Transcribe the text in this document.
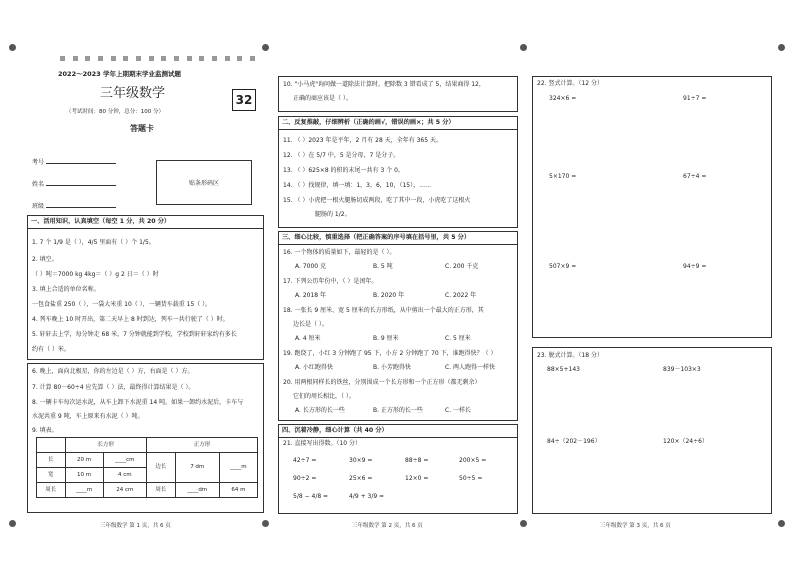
2022～2023 学年上期期末学业监测试题
三年级数学	32
（考试时间：80 分钟，总分：100 分）
答题卡
考号
姓名
班级
贴条形码区
一、活用知识，认真填空（每空 1 分，共 20 分）
1. 7 个 1/9 是（ ），4/5 里面有（ ）个 1/5。
2. 填空。
（ ）吨＝7000 kg 4kg＝（ ）g 2 日＝（ ）时
3. 填上合适的单位名称。
一包食盐重 250（ ），一袋大米重 10（ ），一辆货车载重 15（ ）。
4. 列车晚上 10 时开出，第二天早上 8 时到达，列车一共行驶了（ ）时。
5. 轩轩去上学，每分钟走 68 米，7 分钟就能到学校，学校到轩轩家约有多长
约有（ ）米。
6. 晚上，面向北极星，你的左边是（ ）方，右面是（ ）方。
7. 计算 80－60÷4 应先算（ ）法，最终得计算结果是（ ）。
8. 一辆卡车每次运水泥，从车上卸下水泥重 14 吨。如果一卸约水泥后，卡车与
水泥共重 9 吨，车上原来有水泥（ ）吨。
9. 填表。
	长方形		正方形		
长	20 m	____cm	边长	7 dm	____m
宽	10 m	4 cm			
周长	____m	24 cm	周长	____dm	64 m
三年级数学 第 1 页，共 6 页
10. "小马虎"询问做一道除法计算时，把除数 3 错看成了 5，结果商得 12，
正确的商应该是（ ）。
二、反复推敲，仔细辨析（正确的画√，错误的画×；共 5 分）
11. （ ）2023 年是平年，2 月有 28 天，全年有 365 天。
12. （ ）在 5/7 中，5 是分母，7 是分子。
13. （ ）625×8 的积的末尾一共有 3 个 0。
14. （ ）找规律，填一填：1，3，6，10，（15），……
15. （ ）小虎把一根火腿肠切成两段，吃了其中一段，小虎吃了这根火
腿肠的 1/2。
三、细心比较，慎重选择（把正确答案的序号填在括号里，共 5 分）
16. 一个物体的质量如下，最轻的是（ ）。
A. 7000 克	B. 5 吨	C. 200 千克
17. 下列公历年份中，（ ）是闰年。
A. 2018 年	B. 2020 年	C. 2022 年
18. 一张长 9 厘米、宽 5 厘米的长方形纸，从中剪出一个最大的正方形，其
边长是（ ）。
A. 4 厘米	B. 9 厘米	C. 5 厘米
19. 跑绕了，小红 3 分钟跑了 95 下，小方 2 分钟跑了 70 下，谁跑得快？（ ）
A. 小红跑得快	B. 小芳跑得快	C. 两人跑得一样快
20. 用两根同样长的铁丝，分别围成一个长方形和一个正方形（都无剩余）
它们的周长相比，（ ）。
A. 长方形的长一些	B. 正方形的长一些	C. 一样长
四、沉着冷静，细心计算（共 40 分）
21. 直接写出得数。（10 分）
42÷7 =	30×9 =	88÷8 =	200×5 =
90÷2 =	25×6 =	12×0 =	50÷5 =
5/8 − 4/8 =	4/9 + 3/9 =
三年级数学 第 2 页，共 6 页
22. 竖式计算。（12 分）
324×6 =	91÷7 =
5×170 =	67÷4 =
507×9 =	94÷9 =
23. 脱式计算。（18 分）
88×5+143	839－103×3
84÷（202－196）	120×（24÷6）
三年级数学 第 3 页，共 6 页
